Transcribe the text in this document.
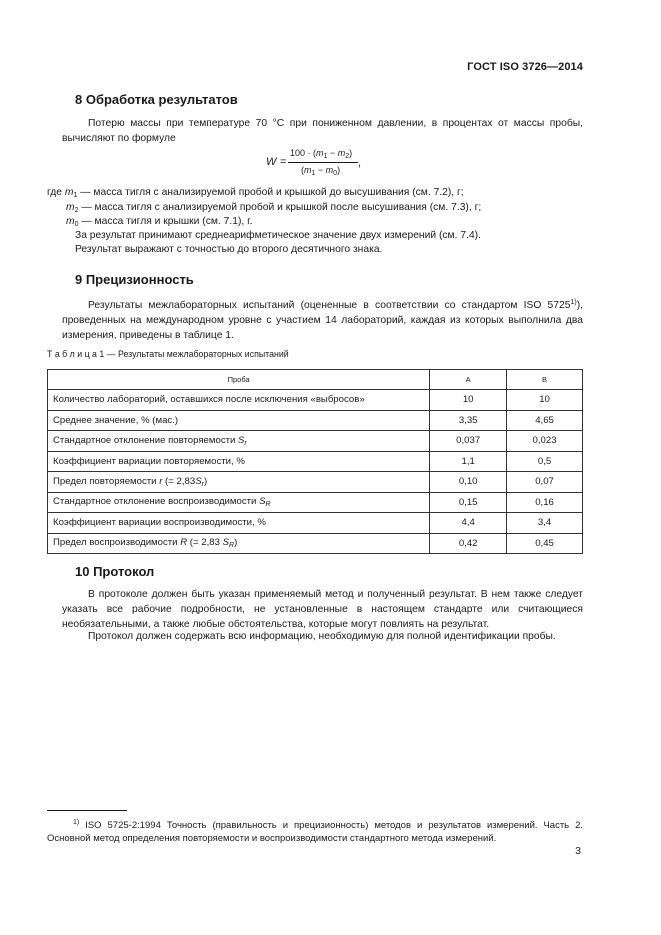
ГОСТ ISO 3726—2014
8 Обработка результатов
Потерю массы при температуре 70 °С при пониженном давлении, в процентах от массы пробы, вычисляют по формуле
W =
$100 \cdot (m_1 - m_2)$
$(m_1 - m_0)$
,
где $m_1$ — масса тигля с анализируемой пробой и крышкой до высушивания (см. 7.2), г;
$m_2$ — масса тигля с анализируемой пробой и крышкой после высушивания (см. 7.3), г;
$m_0$ — масса тигля и крышки (см. 7.1), г.
За результат принимают среднеарифметическое значение двух измерений (см. 7.4).
Результат выражают с точностью до второго десятичного знака.
9 Прецизионность
Результаты межлабораторных испытаний (оцененные в соответствии со стандартом ISO 5725$^{1)}$), проведенных на международном уровне с участием 14 лабораторий, каждая из которых выполнила два измерения, приведены в таблице 1.
Т а б л и ц а 1 — Результаты межлабораторных испытаний
Проба	А	В
Количество лабораторий, оставшихся после исключения «выбросов»	10	10
Среднее значение, % (мас.)	3,35	4,65
Стандартное отклонение повторяемости $S_r$	0,037	0,023
Коэффициент вариации повторяемости, %	1,1	0,5
Предел повторяемости r (= $2,83S_r$)	0,10	0,07
Стандартное отклонение воспроизводимости $S_R$	0,15	0,16
Коэффициент вариации воспроизводимости, %	4,4	3,4
Предел воспроизводимости R (= 2,83 $S_R$)	0,42	0,45
10 Протокол
В протоколе должен быть указан применяемый метод и полученный результат. В нем также следует указать все рабочие подробности, не установленные в настоящем стандарте или считающиеся необязательными, а также любые обстоятельства, которые могут повлиять на результат.
Протокол должен содержать всю информацию, необходимую для полной идентификации пробы.
$^{1)}$ ISO 5725-2:1994 Точность (правильность и прецизионность) методов и результатов измерений. Часть 2. Основной метод определения повторяемости и воспроизводимости стандартного метода измерений.
3
